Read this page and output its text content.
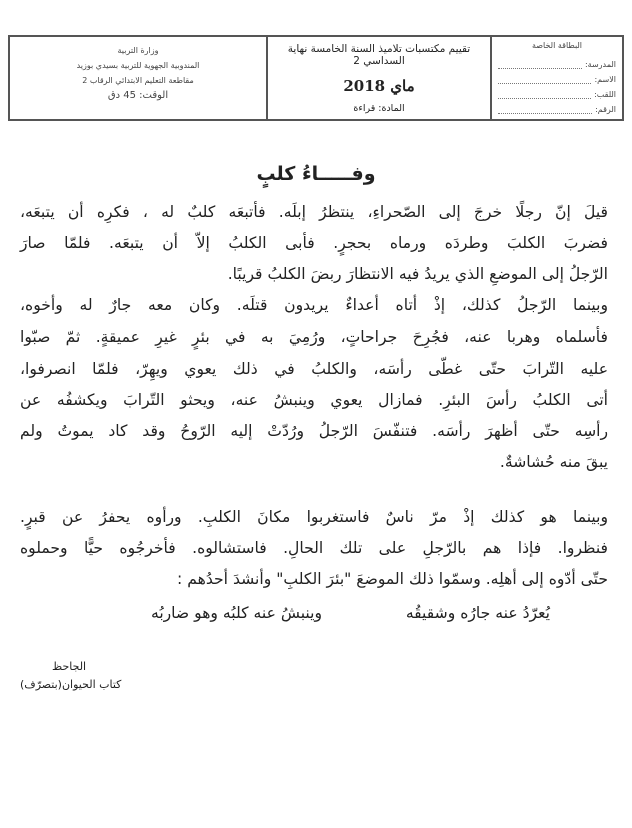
وزارة التربية
المندوبية الجهوية للتربية بسيدي بوزيد
مقاطعة التعليم الابتدائي الرقاب 2
الوقت: 45 دق
تقييم مكتسبات تلاميذ السنة الخامسة نهاية السداسي 2
ماي 2018
المادة: قراءة
البطاقة الخاصة
المدرسة:
الاسم:
اللقب:
الرقم:
وفـــــاءُ كلبٍ
قيلَ إنّ رجلًا خرجَ إلى الصّحراءِ، ينتظرُ إبلَه. فأتبعَه كلبٌ له ، فكرِه أن يتبعَه،
فضربَ الكلبَ وطردَه ورماه بحجرٍ. فأبى الكلبُ إلاّ أن يتبعَه. فلمّا صارَ
الرّجلُ إلى الموضعِ الذي يريدُ فيه الانتظارَ ربضَ الكلبُ قريبًا.
وبينما الرّجلُ كذلك، إذْ أتاه أعداءٌ يريدون قتلَه. وكان معه جارٌ له وأخوه،
فأسلماه وهربا عنه، فجُرِحَ جراحاتٍ، ورُمِيَ به في بئرٍ غيرِ عميقةٍ. ثمّ صبّوا
عليه التّرابَ حتّى غطّى رأسَه، والكلبُ في ذلك يعوي ويهِرّ، فلمّا انصرفوا،
أتى الكلبُ رأسَ البئرِ. فمازال يعوي وينبشُ عنه، ويحثو التّرابَ ويكشفُه عن
رأسِه حتّى أظهرَ رأسَه. فتنفّسَ الرّجلُ ورُدّتْ إليه الرّوحُ وقد كاد يموتُ ولم
يبقَ منه حُشاشةٌ.
وبينما هو كذلك إذْ مرّ ناسٌ فاستغربوا مكانَ الكلبِ. ورأوه يحفرُ عن قبرٍ.
فنظروا. فإذا هم بالرّجلِ على تلك الحالِ. فاستشالوه. فأخرجُوه حيًّا وحملوه
حتّى أدّوه إلى أهلِه. وسمّوا ذلك الموضعَ "بئرَ الكلبِ" وأنشدَ أحدُهم :
يُعرّدُ عنه جارُه وشقيقُه
وينبشُ عنه كلبُه وهو ضاربُه
الجاحظ
كتاب الحيوان(بتصرّف)
